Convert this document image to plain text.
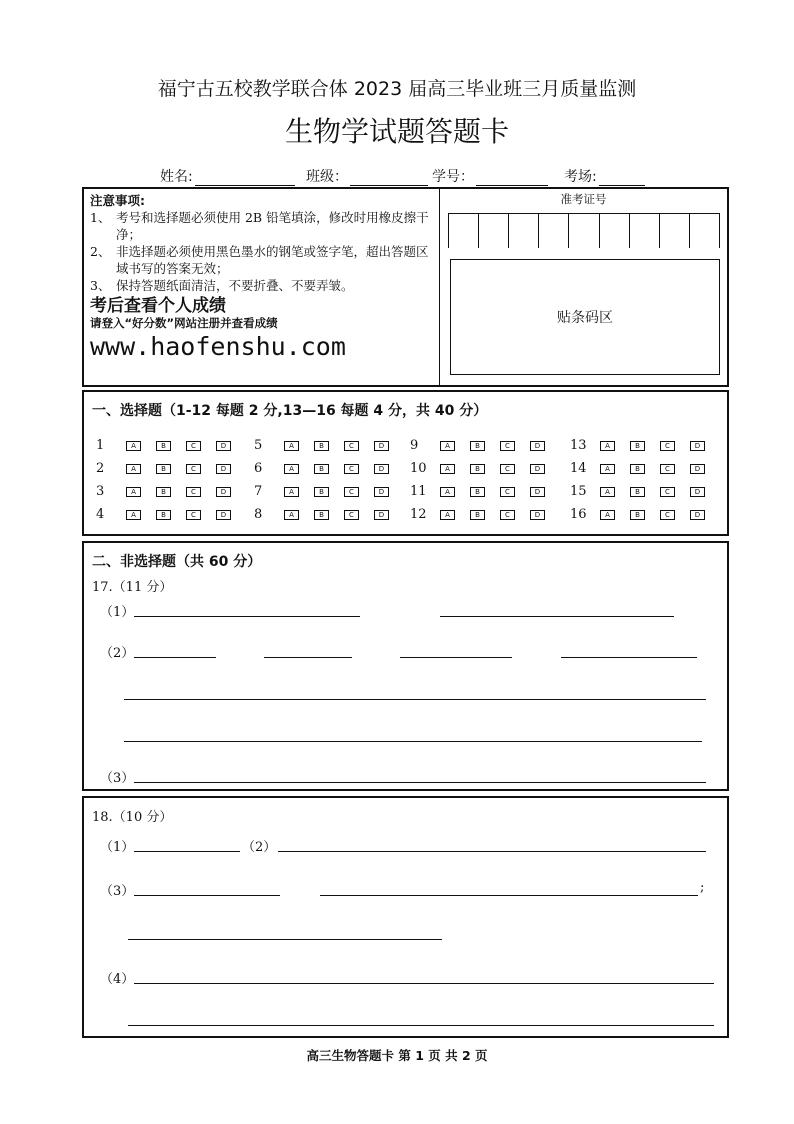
福宁古五校教学联合体 2023 届高三毕业班三月质量监测
生物学试题答题卡
姓名:	班级：	学号：	考场:
注意事项:
1、 考号和选择题必须使用 2B 铅笔填涂，修改时用橡皮擦干净；
2、 非选择题必须使用黑色墨水的钢笔或签字笔，超出答题区域书写的答案无效；
3、 保持答题纸面清洁，不要折叠、不要弄皱。
考后查看个人成绩
请登入“好分数”网站注册并查看成绩
www.haofenshu.com
准考证号
贴条码区
一、选择题（1-12 每题 2 分,13—16 每题 4 分，共 40 分）
1	A	B	C	D
2	A	B	C	D
3	A	B	C	D
4	A	B	C	D
5	A	B	C	D
6	A	B	C	D
7	A	B	C	D
8	A	B	C	D
9	A	B	C	D
10	A	B	C	D
11	A	B	C	D
12	A	B	C	D
13	A	B	C	D
14	A	B	C	D
15	A	B	C	D
16	A	B	C	D
二、非选择题（共 60 分）
17.（11 分）
（1）
（2）
（3）
18.（10 分）
（1）	（2）
（3）	;
（4）
高三生物答题卡 第 1 页 共 2 页
